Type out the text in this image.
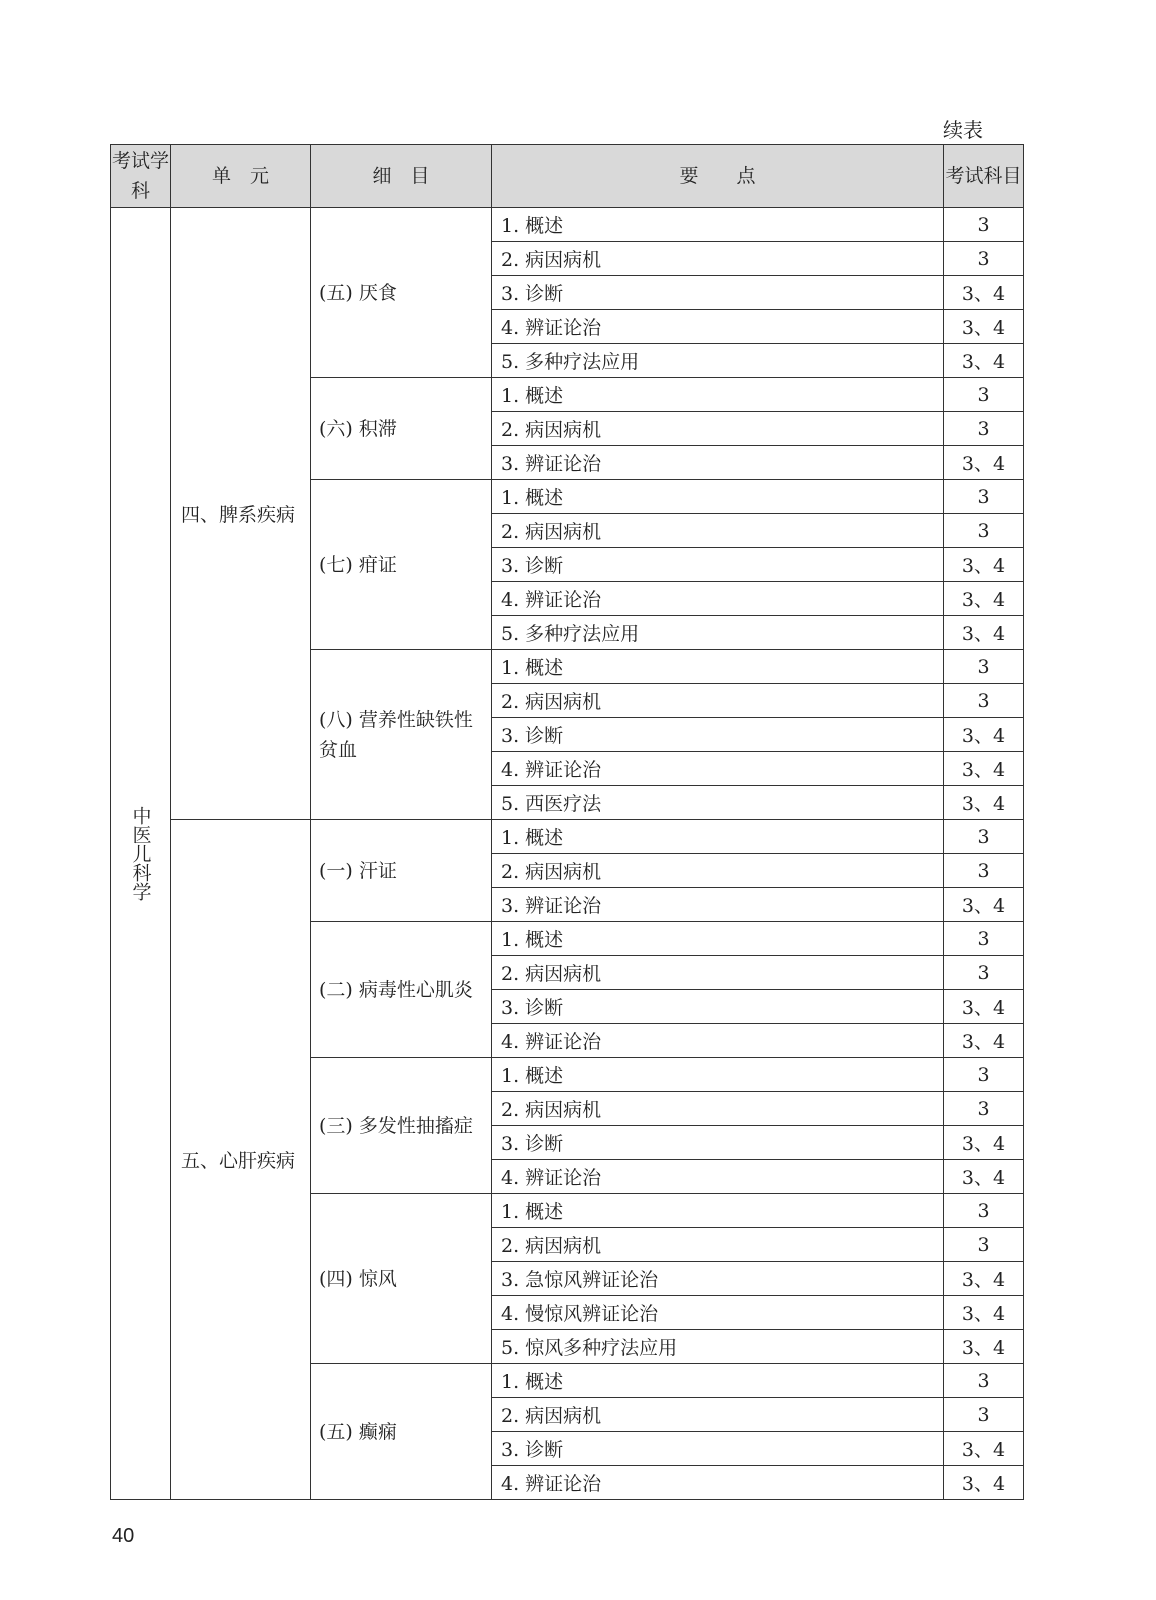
续表
考试学科	单　元	细　目	要　　点	考试科目
中医儿科学	四、脾系疾病	(五) 厌食	1. 概述	3
			2. 病因病机	3
			3. 诊断	3、4
			4. 辨证论治	3、4
			5. 多种疗法应用	3、4
		(六) 积滞	1. 概述	3
			2. 病因病机	3
			3. 辨证论治	3、4
		(七) 疳证	1. 概述	3
			2. 病因病机	3
			3. 诊断	3、4
			4. 辨证论治	3、4
			5. 多种疗法应用	3、4
		(八) 营养性缺铁性贫血	1. 概述	3
			2. 病因病机	3
			3. 诊断	3、4
			4. 辨证论治	3、4
			5. 西医疗法	3、4
	五、心肝疾病	(一) 汗证	1. 概述	3
			2. 病因病机	3
			3. 辨证论治	3、4
		(二) 病毒性心肌炎	1. 概述	3
			2. 病因病机	3
			3. 诊断	3、4
			4. 辨证论治	3、4
		(三) 多发性抽搐症	1. 概述	3
			2. 病因病机	3
			3. 诊断	3、4
			4. 辨证论治	3、4
		(四) 惊风	1. 概述	3
			2. 病因病机	3
			3. 急惊风辨证论治	3、4
			4. 慢惊风辨证论治	3、4
			5. 惊风多种疗法应用	3、4
		(五) 癫痫	1. 概述	3
			2. 病因病机	3
			3. 诊断	3、4
			4. 辨证论治	3、4
40
